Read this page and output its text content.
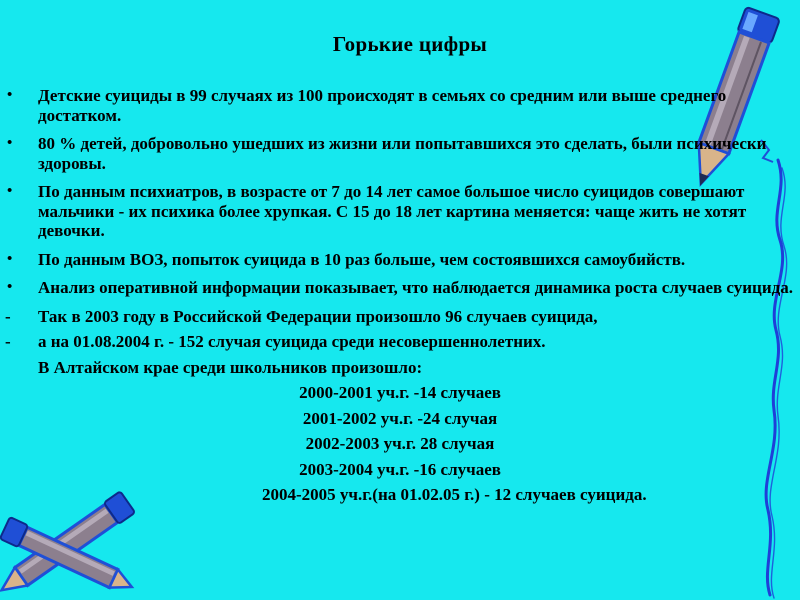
Горькие цифры
• Детские суициды в 99 случаях из 100 происходят в семьях со средним или выше среднего достатком.
• 80 % детей, добровольно ушедших из жизни или попытавшихся это сделать, были психически здоровы.
• По данным психиатров, в возрасте от 7 до 14 лет самое большое число суицидов совершают мальчики - их психика более хрупкая. С 15 до 18 лет картина меняется: чаще жить не хотят девочки.
• По данным ВОЗ, попыток суицида в 10 раз больше, чем состоявшихся самоубийств.
• Анализ оперативной информации показывает, что наблюдается динамика роста случаев суицида.
- Так в 2003 году в Российской Федерации произошло 96 случаев суицида,
- а на 01.08.2004 г. - 152 случая суицида среди несовершеннолетних.
В Алтайском крае среди школьников произошло:
2000-2001 уч.г. -14 случаев
2001-2002 уч.г. -24 случая
2002-2003 уч.г. 28 случая
2003-2004 уч.г. -16 случаев
2004-2005 уч.г.(на 01.02.05 г.) - 12 случаев суицида.
